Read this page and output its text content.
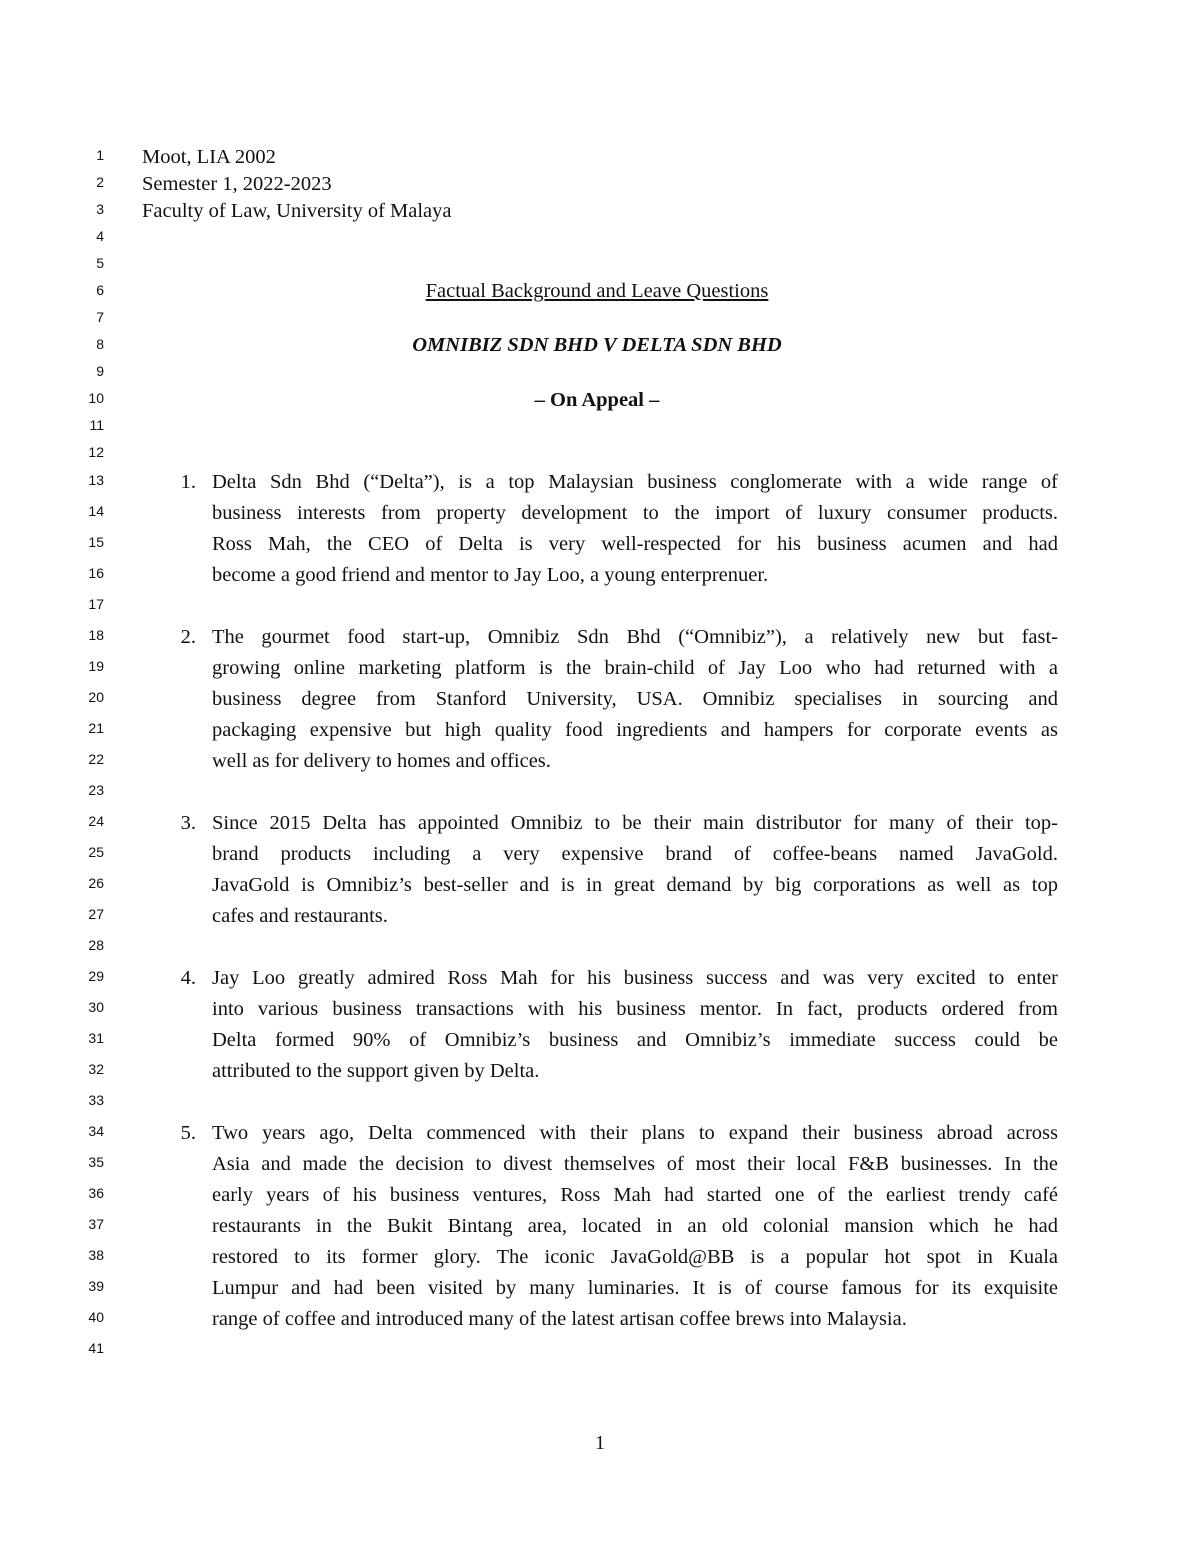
1
2
3
4
5
6
7
8
9
10
11
12
13
14
15
16
17
18
19
20
21
22
23
24
25
26
27
28
29
30
31
32
33
34
35
36
37
38
39
40
41
Moot, LIA 2002
Semester 1, 2022-2023
Faculty of Law, University of Malaya
Factual Background and Leave Questions
OMNIBIZ SDN BHD V DELTA SDN BHD
– On Appeal –
1. Delta Sdn Bhd (“Delta”), is a top Malaysian business conglomerate with a wide range of
business interests from property development to the import of luxury consumer products.
Ross Mah, the CEO of Delta is very well-respected for his business acumen and had
become a good friend and mentor to Jay Loo, a young enterprenuer.
2. The gourmet food start-up, Omnibiz Sdn Bhd (“Omnibiz”), a relatively new but fast-
growing online marketing platform is the brain-child of Jay Loo who had returned with a
business degree from Stanford University, USA. Omnibiz specialises in sourcing and
packaging expensive but high quality food ingredients and hampers for corporate events as
well as for delivery to homes and offices.
3. Since 2015 Delta has appointed Omnibiz to be their main distributor for many of their top-
brand products including a very expensive brand of coffee-beans named JavaGold.
JavaGold is Omnibiz’s best-seller and is in great demand by big corporations as well as top
cafes and restaurants.
4. Jay Loo greatly admired Ross Mah for his business success and was very excited to enter
into various business transactions with his business mentor. In fact, products ordered from
Delta formed 90% of Omnibiz’s business and Omnibiz’s immediate success could be
attributed to the support given by Delta.
5. Two years ago, Delta commenced with their plans to expand their business abroad across
Asia and made the decision to divest themselves of most their local F&B businesses. In the
early years of his business ventures, Ross Mah had started one of the earliest trendy café
restaurants in the Bukit Bintang area, located in an old colonial mansion which he had
restored to its former glory. The iconic JavaGold@BB is a popular hot spot in Kuala
Lumpur and had been visited by many luminaries. It is of course famous for its exquisite
range of coffee and introduced many of the latest artisan coffee brews into Malaysia.
1
